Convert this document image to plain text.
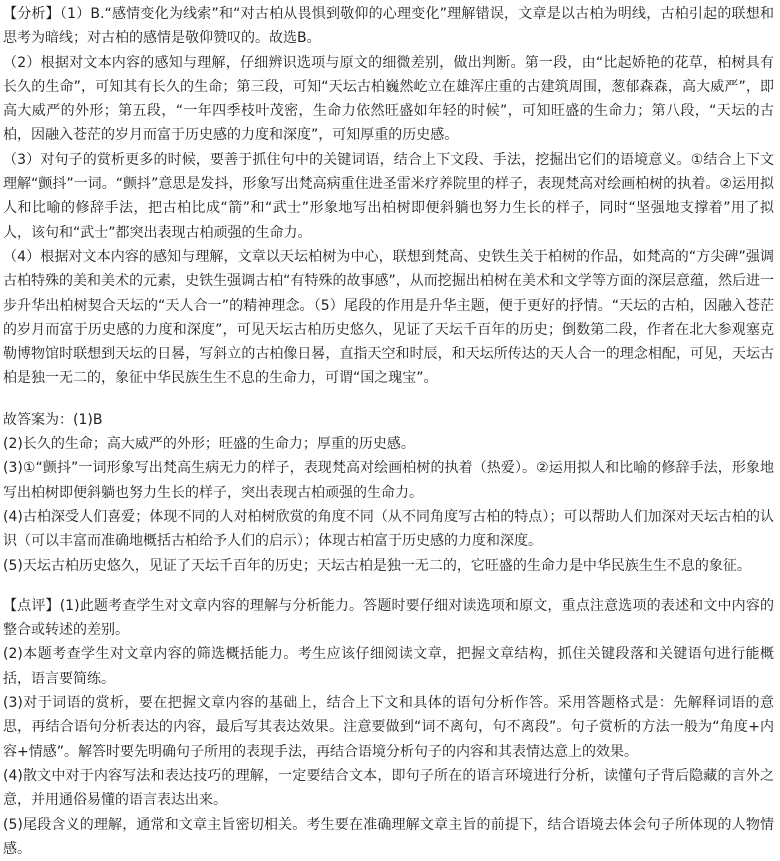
【分析】（1）B.“感情变化为线索”和“对古柏从畏惧到敬仰的心理变化”理解错误，文章是以古柏为明线，古柏引起的联想和思考为暗线；对古柏的感情是敬仰赞叹的。故选B。

（2）根据对文本内容的感知与理解，仔细辨识选项与原文的细微差别，做出判断。第一段，由“比起娇艳的花草，柏树具有长久的生命”，可知其有长久的生命；第三段，可知“天坛古柏巍然屹立在雄浑庄重的古建筑周围，葱郁森森，高大威严”，即高大威严的外形；第五段，“一年四季枝叶茂密，生命力依然旺盛如年轻的时候”，可知旺盛的生命力；第八段，“天坛的古柏，因融入苍茫的岁月而富于历史感的力度和深度”，可知厚重的历史感。

（3）对句子的赏析更多的时候，要善于抓住句中的关键词语，结合上下文段、手法，挖掘出它们的语境意义。①结合上下文理解“颤抖”一词。“颤抖”意思是发抖，形象写出梵高病重住进圣雷米疗养院里的样子，表现梵高对绘画柏树的执着。②运用拟人和比喻的修辞手法，把古柏比成“箭”和“武士”形象地写出柏树即便斜躺也努力生长的样子，同时“坚强地支撑着”用了拟人，该句和“武士”都突出表现古柏顽强的生命力。

（4）根据对文本内容的感知与理解，文章以天坛柏树为中心，联想到梵高、史铁生关于柏树的作品，如梵高的“方尖碑”强调古柏特殊的美和美术的元素，史铁生强调古柏“有特殊的故事感”，从而挖掘出柏树在美术和文学等方面的深层意蕴，然后进一步升华出柏树契合天坛的“天人合一”的精神理念。（5）尾段的作用是升华主题，便于更好的抒情。“天坛的古柏，因融入苍茫的岁月而富于历史感的力度和深度”，可见天坛古柏历史悠久，见证了天坛千百年的历史；倒数第二段，作者在北大参观塞克勒博物馆时联想到天坛的日晷，写斜立的古柏像日晷，直指天空和时辰，和天坛所传达的天人合一的理念相配，可见，天坛古柏是独一无二的，象征中华民族生生不息的生命力，可谓“国之瑰宝”。

故答案为：(1)B

(2)长久的生命；高大威严的外形；旺盛的生命力；厚重的历史感。

(3)①“颤抖”一词形象写出梵高生病无力的样子，表现梵高对绘画柏树的执着（热爱）。②运用拟人和比喻的修辞手法，形象地写出柏树即便斜躺也努力生长的样子，突出表现古柏顽强的生命力。

(4)古柏深受人们喜爱；体现不同的人对柏树欣赏的角度不同（从不同角度写古柏的特点）；可以帮助人们加深对天坛古柏的认识（可以丰富而准确地概括古柏给予人们的启示）；体现古柏富于历史感的力度和深度。

(5)天坛古柏历史悠久，见证了天坛千百年的历史；天坛古柏是独一无二的，它旺盛的生命力是中华民族生生不息的象征。

【点评】(1)此题考查学生对文章内容的理解与分析能力。答题时要仔细对读选项和原文，重点注意选项的表述和文中内容的整合或转述的差别。

(2)本题考查学生对文章内容的筛选概括能力。考生应该仔细阅读文章，把握文章结构，抓住关键段落和关键语句进行能概括，语言要简练。

(3)对于词语的赏析，要在把握文章内容的基础上，结合上下文和具体的语句分析作答。采用答题格式是：先解释词语的意思，再结合语句分析表达的内容，最后写其表达效果。注意要做到“词不离句，句不离段”。句子赏析的方法一般为“角度+内容+情感”。解答时要先明确句子所用的表现手法，再结合语境分析句子的内容和其表情达意上的效果。

(4)散文中对于内容写法和表达技巧的理解，一定要结合文本，即句子所在的语言环境进行分析，读懂句子背后隐藏的言外之意，并用通俗易懂的语言表达出来。

(5)尾段含义的理解，通常和文章主旨密切相关。考生要在准确理解文章主旨的前提下，结合语境去体会句子所体现的人物情感。
